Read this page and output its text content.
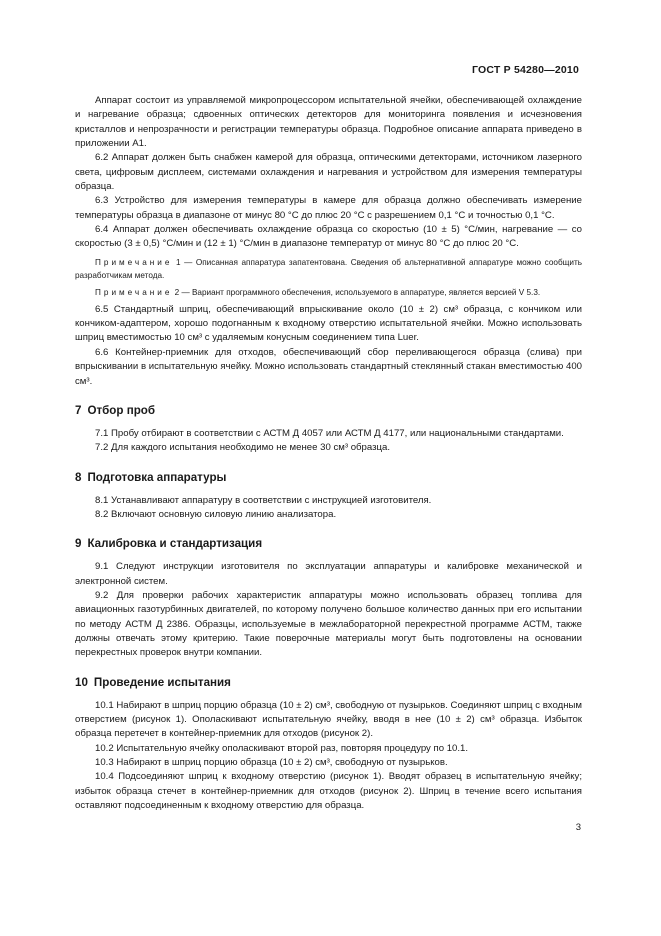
ГОСТ Р 54280—2010

Аппарат состоит из управляемой микропроцессором испытательной ячейки, обеспечивающей охлаждение и нагревание образца; сдвоенных оптических детекторов для мониторинга появления и исчезновения кристаллов и непрозрачности и регистрации температуры образца. Подробное описание аппарата приведено в приложении А1.

6.2 Аппарат должен быть снабжен камерой для образца, оптическими детекторами, источником лазерного света, цифровым дисплеем, системами охлаждения и нагревания и устройством для измерения температуры образца.

6.3 Устройство для измерения температуры в камере для образца должно обеспечивать измерение температуры образца в диапазоне от минус 80 °С до плюс 20 °С с разрешением 0,1 °С и точностью 0,1 °С.

6.4 Аппарат должен обеспечивать охлаждение образца со скоростью (10 ± 5) °С/мин, нагревание — со скоростью (3 ± 0,5) °С/мин и (12 ± 1) °С/мин в диапазоне температур от минус 80 °С до плюс 20 °С.

Примечание 1 — Описанная аппаратура запатентована. Сведения об альтернативной аппаратуре можно сообщить разработчикам метода.

Примечание 2 — Вариант программного обеспечения, используемого в аппаратуре, является версией V 5.3.

6.5 Стандартный шприц, обеспечивающий впрыскивание около (10 ± 2) см³ образца, с кончиком или кончиком-адаптером, хорошо подогнанным к входному отверстию испытательной ячейки. Можно использовать шприц вместимостью 10 см³ с удаляемым конусным соединением типа Luer.

6.6 Контейнер-приемник для отходов, обеспечивающий сбор переливающегося образца (слива) при впрыскивании в испытательную ячейку. Можно использовать стандартный стеклянный стакан вместимостью 400 см³.

7 Отбор проб

7.1 Пробу отбирают в соответствии с АСТМ Д 4057 или АСТМ Д 4177, или национальными стандартами.

7.2 Для каждого испытания необходимо не менее 30 см³ образца.

8 Подготовка аппаратуры

8.1 Устанавливают аппаратуру в соответствии с инструкцией изготовителя.

8.2 Включают основную силовую линию анализатора.

9 Калибровка и стандартизация

9.1 Следуют инструкции изготовителя по эксплуатации аппаратуры и калибровке механической и электронной систем.

9.2 Для проверки рабочих характеристик аппаратуры можно использовать образец топлива для авиационных газотурбинных двигателей, по которому получено большое количество данных при его испытании по методу АСТМ Д 2386. Образцы, используемые в межлабораторной перекрестной программе АСТМ, также должны отвечать этому критерию. Такие поверочные материалы могут быть подготовлены на основании перекрестных проверок внутри компании.

10 Проведение испытания

10.1 Набирают в шприц порцию образца (10 ± 2) см³, свободную от пузырьков. Соединяют шприц с входным отверстием (рисунок 1). Ополаскивают испытательную ячейку, вводя в нее (10 ± 2) см³ образца. Избыток образца перетечет в контейнер-приемник для отходов (рисунок 2).

10.2 Испытательную ячейку ополаскивают второй раз, повторяя процедуру по 10.1.

10.3 Набирают в шприц порцию образца (10 ± 2) см³, свободную от пузырьков.

10.4 Подсоединяют шприц к входному отверстию (рисунок 1). Вводят образец в испытательную ячейку; избыток образца стечет в контейнер-приемник для отходов (рисунок 2). Шприц в течение всего испытания оставляют подсоединенным к входному отверстию для образца.

3
